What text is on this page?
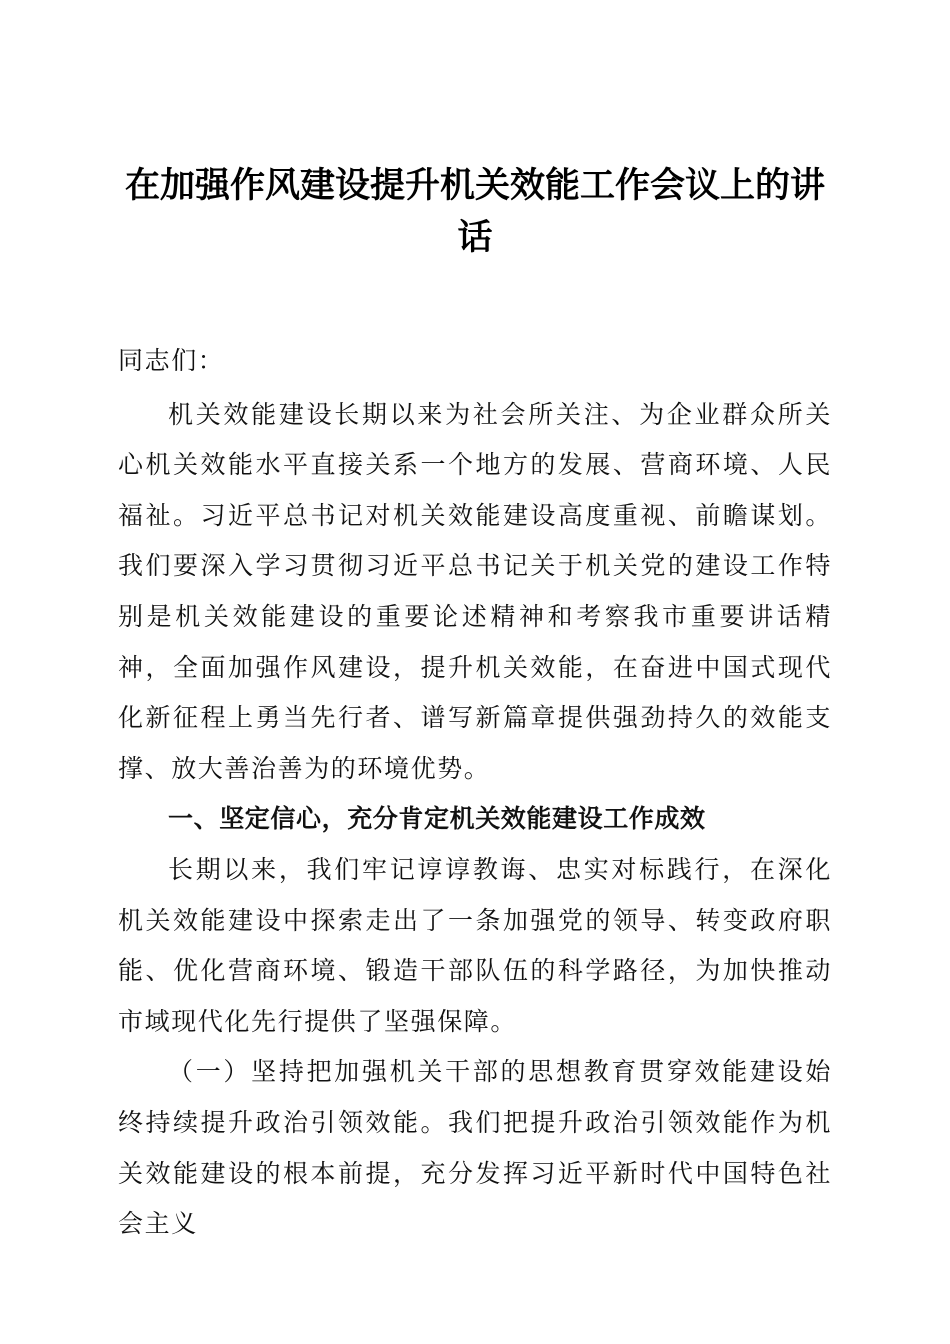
在加强作风建设提升机关效能工作会议上的讲话

同志们：

机关效能建设长期以来为社会所关注、为企业群众所关心机关效能水平直接关系一个地方的发展、营商环境、人民福祉。习近平总书记对机关效能建设高度重视、前瞻谋划。我们要深入学习贯彻习近平总书记关于机关党的建设工作特别是机关效能建设的重要论述精神和考察我市重要讲话精神，全面加强作风建设，提升机关效能，在奋进中国式现代化新征程上勇当先行者、谱写新篇章提供强劲持久的效能支撑、放大善治善为的环境优势。

一、坚定信心，充分肯定机关效能建设工作成效

长期以来，我们牢记谆谆教诲、忠实对标践行，在深化机关效能建设中探索走出了一条加强党的领导、转变政府职能、优化营商环境、锻造干部队伍的科学路径，为加快推动市域现代化先行提供了坚强保障。

（一）坚持把加强机关干部的思想教育贯穿效能建设始终持续提升政治引领效能。我们把提升政治引领效能作为机关效能建设的根本前提，充分发挥习近平新时代中国特色社会主义
